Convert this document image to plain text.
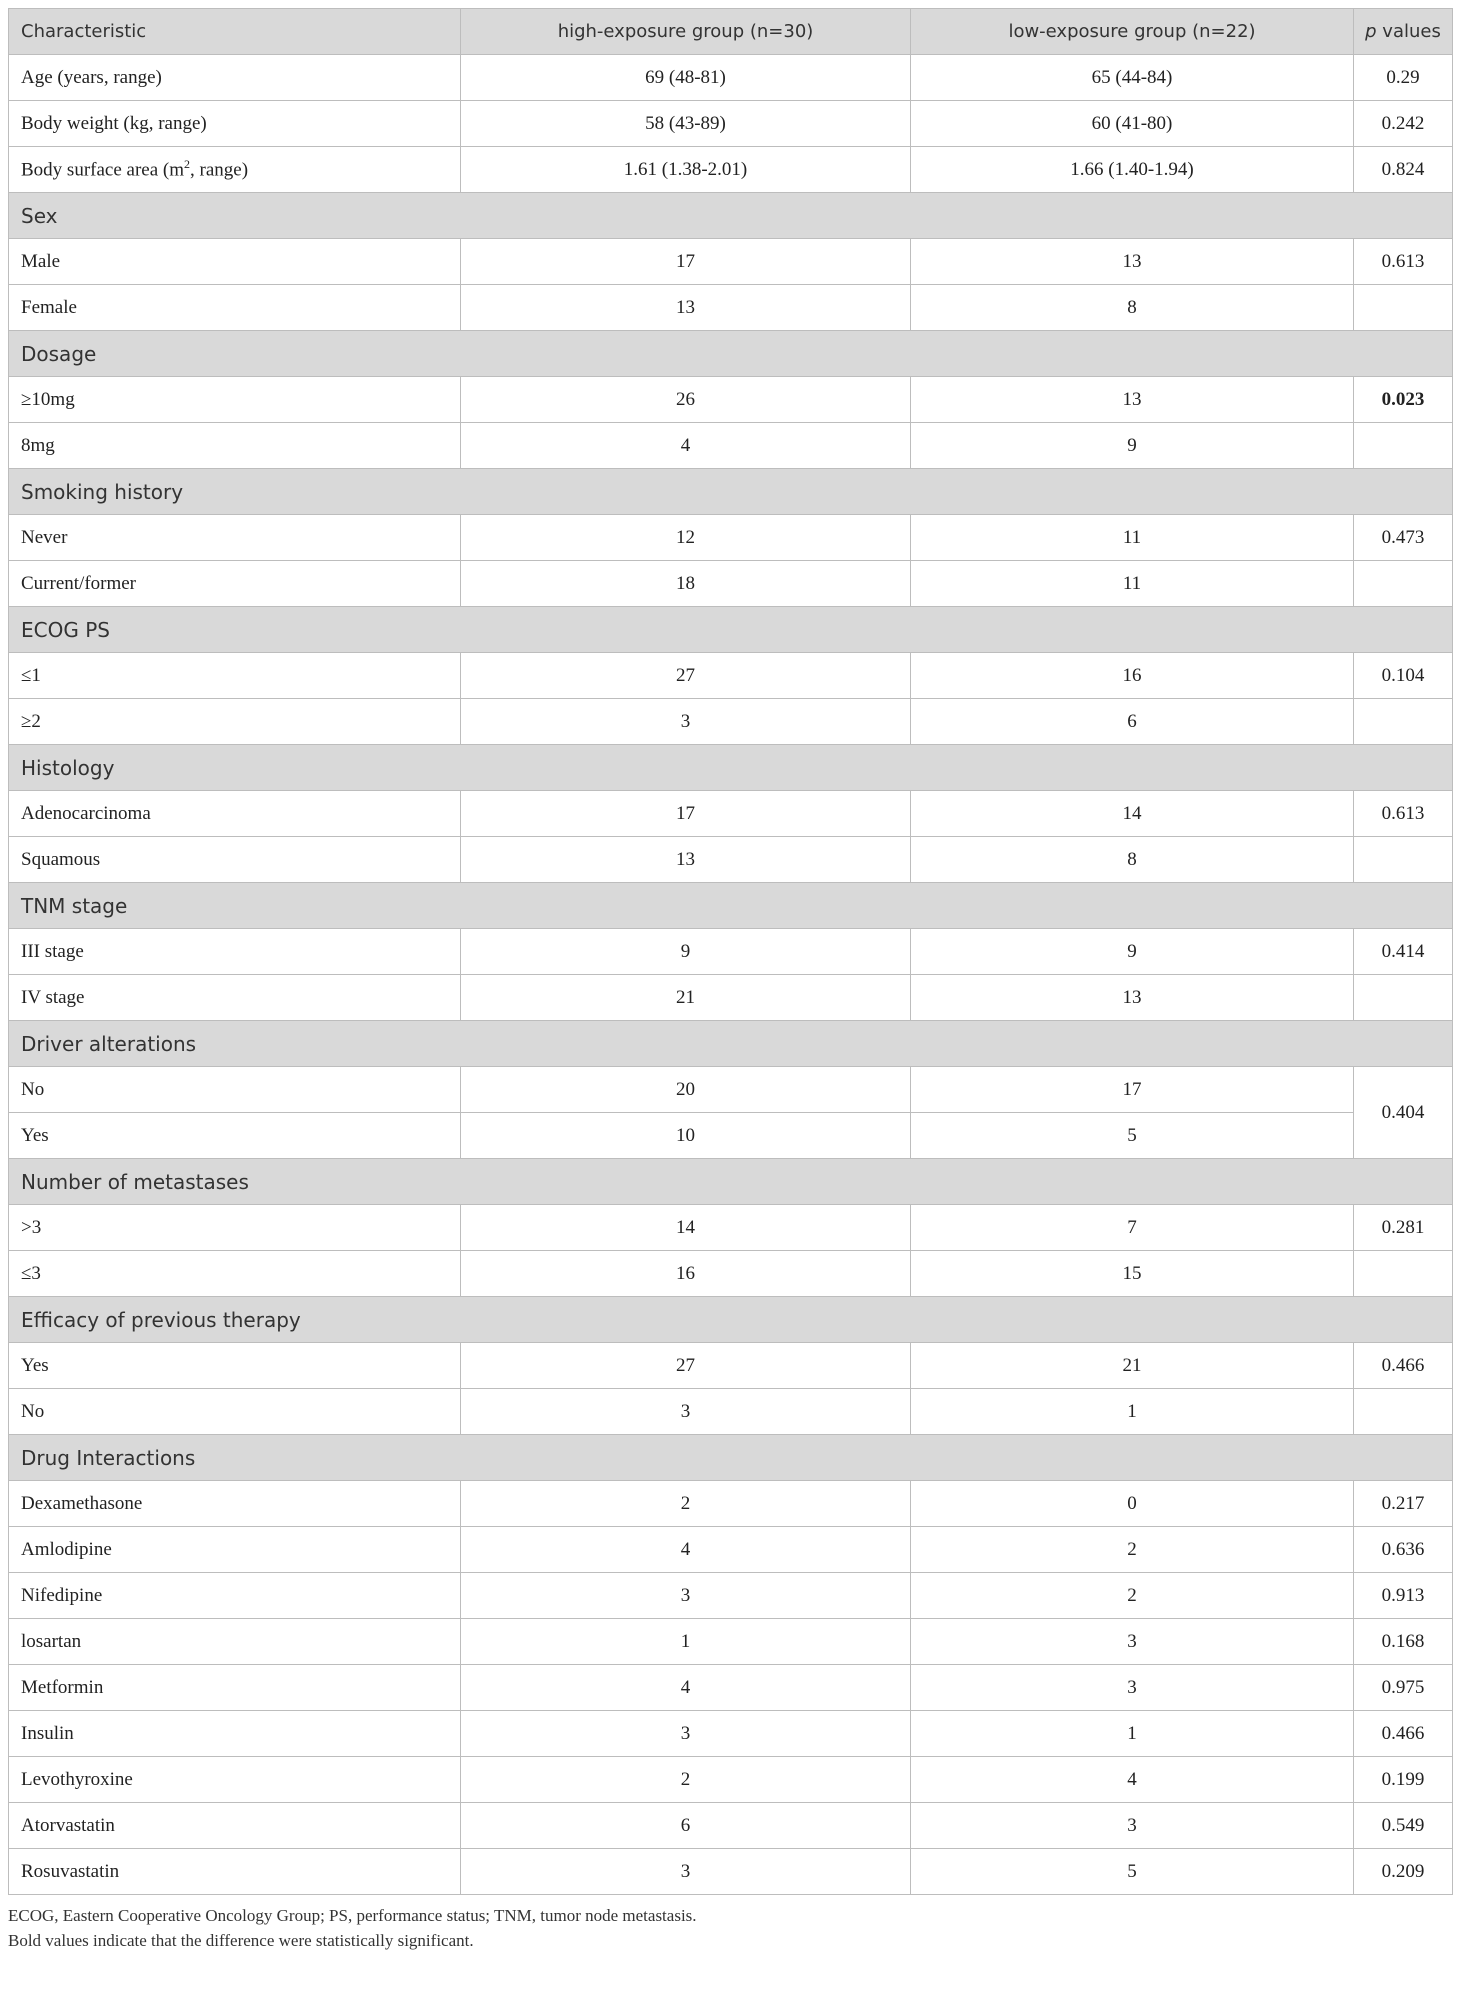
Characteristic	high-exposure group (n=30)	low-exposure group (n=22)	p values
Age (years, range)	69 (48-81)	65 (44-84)	0.29
Body weight (kg, range)	58 (43-89)	60 (41-80)	0.242
Body surface area ($m^2$, range)	1.61 (1.38-2.01)	1.66 (1.40-1.94)	0.824
Sex			
Male	17	13	0.613
Female	13	8	
Dosage			
≥10mg	26	13	0.023
8mg	4	9	
Smoking history			
Never	12	11	0.473
Current/former	18	11	
ECOG PS			
≤1	27	16	0.104
≥2	3	6	
Histology			
Adenocarcinoma	17	14	0.613
Squamous	13	8	
TNM stage			
III stage	9	9	0.414
IV stage	21	13	
Driver alterations			
No	20	17	0.404
Yes	10	5	
Number of metastases			
>3	14	7	0.281
≤3	16	15	
Efficacy of previous therapy			
Yes	27	21	0.466
No	3	1	
Drug Interactions			
Dexamethasone	2	0	0.217
Amlodipine	4	2	0.636
Nifedipine	3	2	0.913
losartan	1	3	0.168
Metformin	4	3	0.975
Insulin	3	1	0.466
Levothyroxine	2	4	0.199
Atorvastatin	6	3	0.549
Rosuvastatin	3	5	0.209
ECOG, Eastern Cooperative Oncology Group; PS, performance status; TNM, tumor node metastasis.
Bold values indicate that the difference were statistically significant.
